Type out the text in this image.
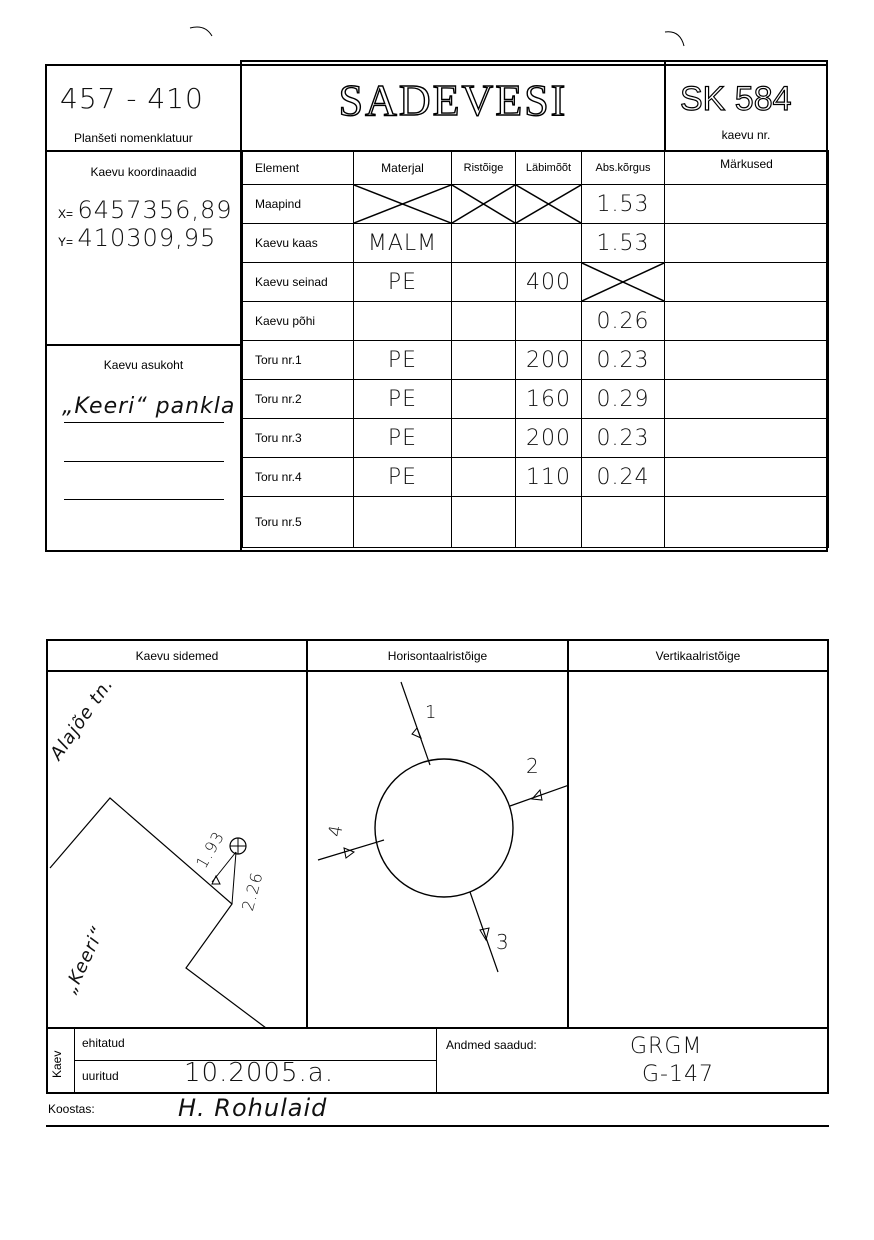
457 - 410
Planšeti nomenklatuur
SADEVESI	SK 584
kaevu nr.
Kaevu koordinaadid
X= 6457356,89
Y= 410309,95
Kaevu asukoht
„Keeri“ pankla
Element	Materjal	Ristõige	Läbimõõt	Abs.kõrgus	Märkused
Maapind				1.53	
Kaevu kaas	MALM			1.53	
Kaevu seinad	PE		400	

Kaevu põhi				0.26	
Toru nr.1	PE		200	0.23	
Toru nr.2	PE		160	0.29	
Toru nr.3	PE		200	0.23	
Toru nr.4	PE		110	0.24	
Toru nr.5					
Kaevu sidemed	Horisontaalristõige	Vertikaalristõige
Alajõe tn.
„Keeri“
1.93
2.26
1
2
3
4
Kaev
ehitatud
uuritud	10.2005.a.
Andmed saadud:	GRGM
G-147
Koostas:	H. Rohulaid
